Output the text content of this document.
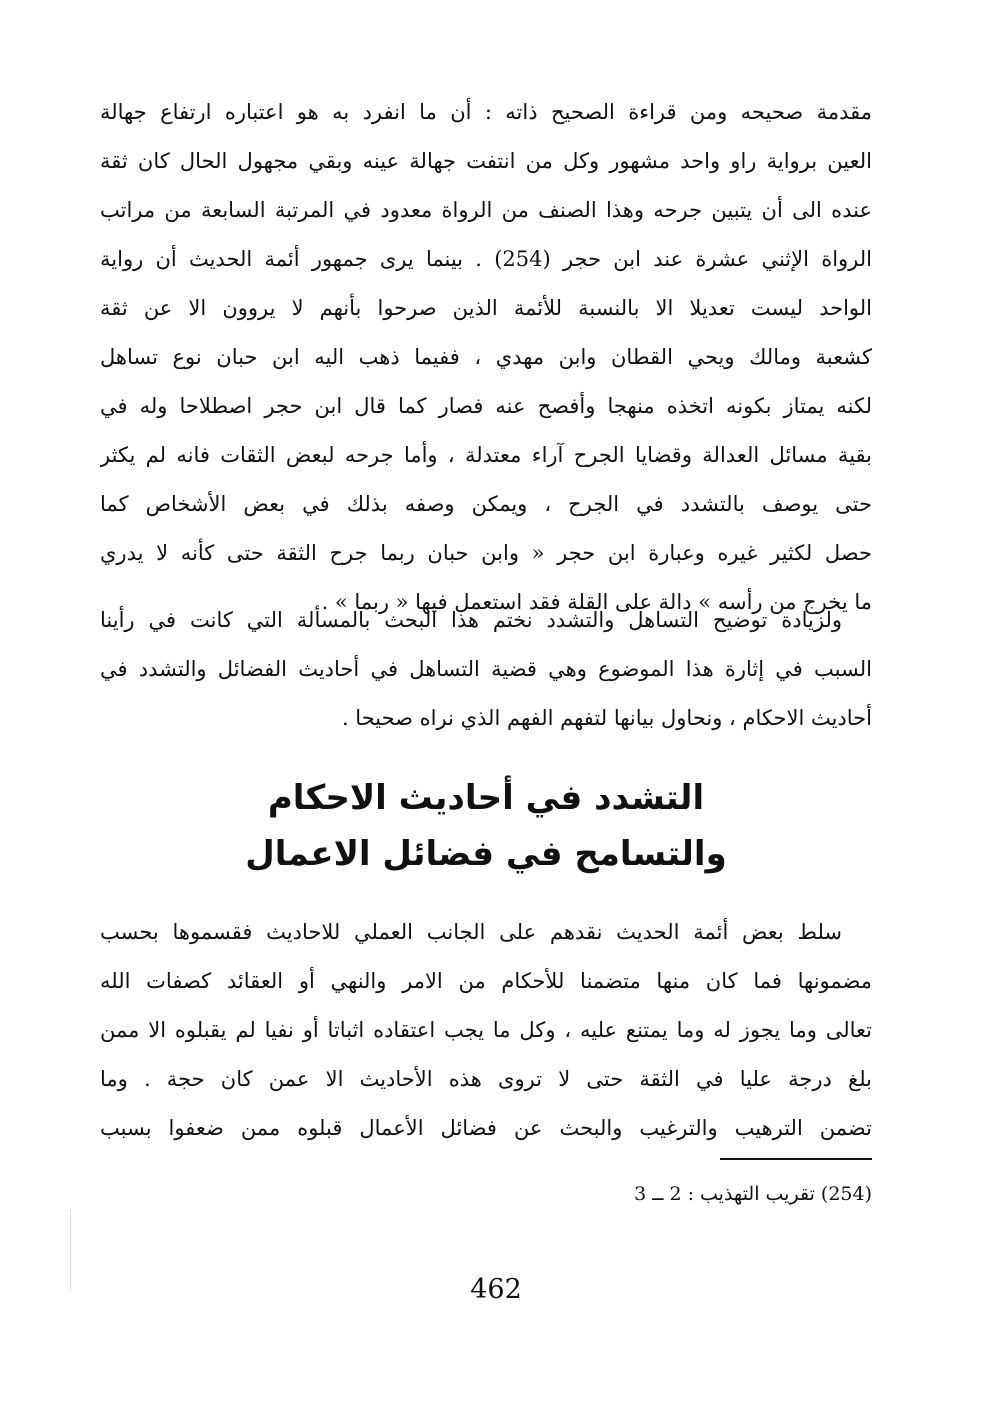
مقدمة صحيحه ومن قراءة الصحيح ذاته : أن ما انفرد به هو اعتباره ارتفاع جهالة
العين برواية راو واحد مشهور وكل من انتفت جهالة عينه وبقي مجهول الحال كان ثقة
عنده الى أن يتبين جرحه وهذا الصنف من الرواة معدود في المرتبة السابعة من مراتب
الرواة الإثني عشرة عند ابن حجر (254) . بينما يرى جمهور أئمة الحديث أن رواية
الواحد ليست تعديلا الا بالنسبة للأئمة الذين صرحوا بأنهم لا يروون الا عن ثقة
كشعبة ومالك ويحي القطان وابن مهدي ، ففيما ذهب اليه ابن حبان نوع تساهل
لكنه يمتاز بكونه اتخذه منهجا وأفصح عنه فصار كما قال ابن حجر اصطلاحا وله في
بقية مسائل العدالة وقضايا الجرح آراء معتدلة ، وأما جرحه لبعض الثقات فانه لم يكثر
حتى يوصف بالتشدد في الجرح ، ويمكن وصفه بذلك في بعض الأشخاص كما
حصل لكثير غيره وعبارة ابن حجر « وابن حبان ربما جرح الثقة حتى كأنه لا يدري
ما يخرج من رأسه » دالة على القلة فقد استعمل فيها « ربما » .
ولزيادة توضيح التساهل والتشدد نختم هذا البحث بالمسألة التي كانت في رأينا
السبب في إثارة هذا الموضوع وهي قضية التساهل في أحاديث الفضائل والتشدد في
أحاديث الاحكام ، ونحاول بيانها لتفهم الفهم الذي نراه صحيحا .
التشدد في أحاديث الاحكام
والتسامح في فضائل الاعمال
سلط بعض أئمة الحديث نقدهم على الجانب العملي للاحاديث فقسموها بحسب
مضمونها فما كان منها متضمنا للأحكام من الامر والنهي أو العقائد كصفات الله
تعالى وما يجوز له وما يمتنع عليه ، وكل ما يجب اعتقاده اثباتا أو نفيا لم يقبلوه الا ممن
بلغ درجة عليا في الثقة حتى لا تروى هذه الأحاديث الا عمن كان حجة . وما
تضمن الترهيب والترغيب والبحث عن فضائل الأعمال قبلوه ممن ضعفوا بسبب
(254) تقريب التهذيب : 2 ــ 3
462
